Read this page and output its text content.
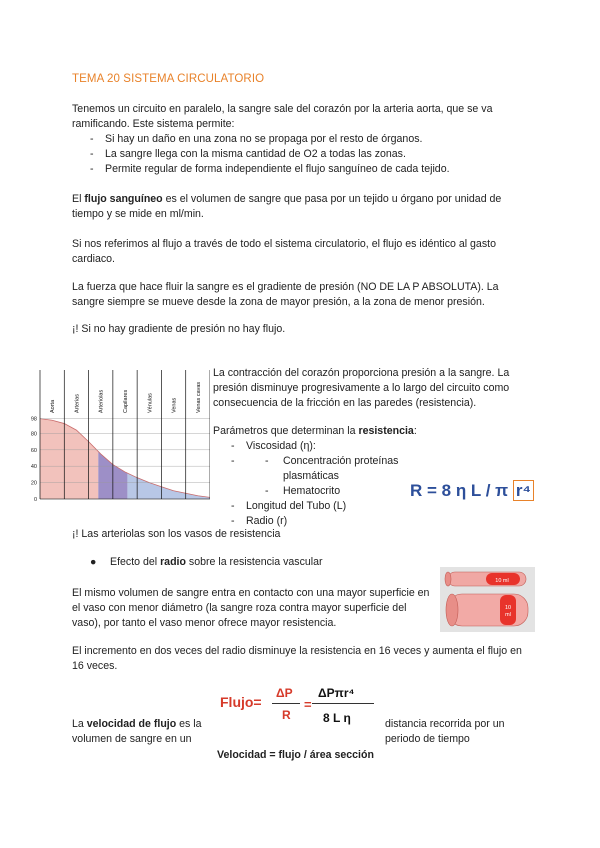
TEMA 20 SISTEMA CIRCULATORIO

Tenemos un circuito en paralelo, la sangre sale del corazón por la arteria aorta, que se va ramificando. Este sistema permite:

- Si hay un daño en una zona no se propaga por el resto de órganos.
- La sangre llega con la misma cantidad de O2 a todas las zonas.
- Permite regular de forma independiente el flujo sanguíneo de cada tejido.

El flujo sanguíneo es el volumen de sangre que pasa por un tejido u órgano por unidad de tiempo y se mide en ml/min.

Si nos referimos al flujo a través de todo el sistema circulatorio, el flujo es idéntico al gasto cardiaco.

La fuerza que hace fluir la sangre es el gradiente de presión (NO DE LA P ABSOLUTA). La sangre siempre se mueve desde la zona de mayor presión, a la zona de menor presión.

¡! Si no hay gradiente de presión no hay flujo.

0
20
40
60
80
98
Aorta	Arterias	Arteriolas	Capilares	Vénulas	Venas	Venas cavas

La contracción del corazón proporciona presión a la sangre. La presión disminuye progresivamente a lo largo del circuito como consecuencia de la fricción en las paredes (resistencia).

Parámetros que determinan la resistencia:

- Viscosidad (η):
- - Concentración proteínas plasmáticas
- Hematocrito
- Longitud del Tubo (L)
- Radio (r)
R = 8 η L / π r⁴

¡! Las arteriolas son los vasos de resistencia

● Efecto del radio sobre la resistencia vascular

El mismo volumen de sangre entra en contacto con una mayor superficie en el vaso con menor diámetro (la sangre roza contra mayor superficie del vaso), por tanto el vaso menor ofrece mayor resistencia.

10 ml
10
ml

El incremento en dos veces del radio disminuye la resistencia en 16 veces y aumenta el flujo en 16 veces.

Flujo=
ΔP
R
=
ΔPπr⁴
8 L η

La velocidad de flujo es la volumen de sangre en un

distancia recorrida por un periodo de tiempo

Velocidad = flujo / área sección
